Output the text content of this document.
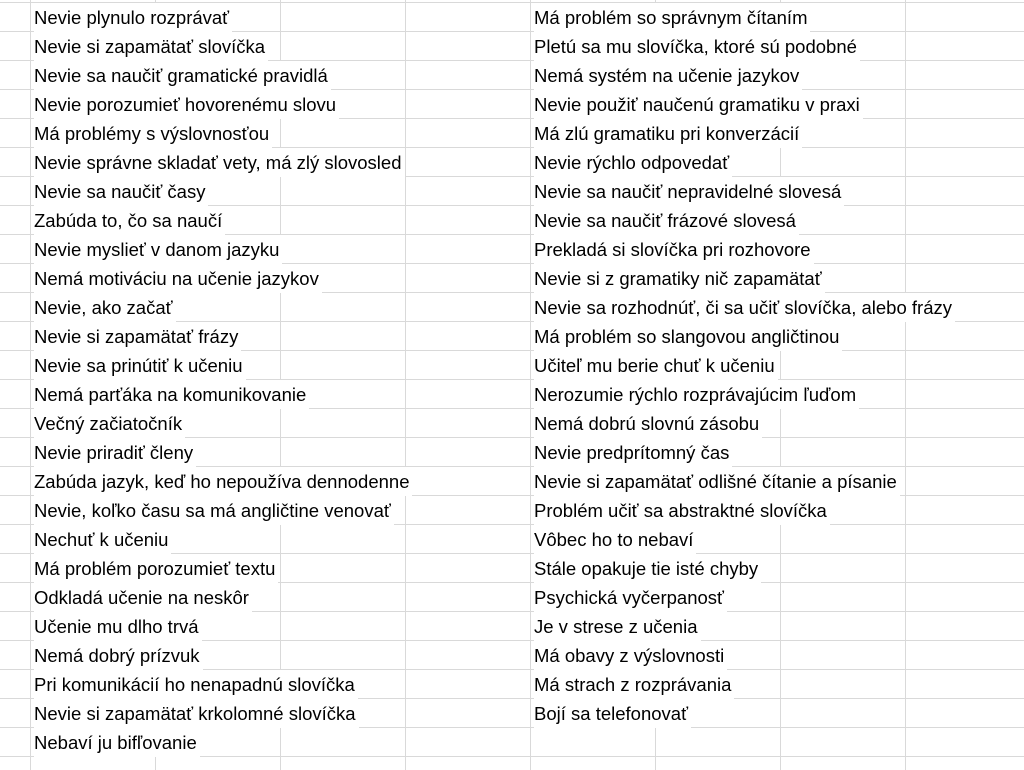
Nevie plynulo rozprávať
Nevie si zapamätať slovíčka
Nevie sa naučiť gramatické pravidlá
Nevie porozumieť hovorenému slovu
Má problémy s výslovnosťou
Nevie správne skladať vety, má zlý slovosled
Nevie sa naučiť časy
Zabúda to, čo sa naučí
Nevie myslieť v danom jazyku
Nemá motiváciu na učenie jazykov
Nevie, ako začať
Nevie si zapamätať frázy
Nevie sa prinútiť k učeniu
Nemá parťáka na komunikovanie
Večný začiatočník
Nevie priradiť členy
Zabúda jazyk, keď ho nepoužíva dennodenne
Nevie, koľko času sa má angličtine venovať
Nechuť k učeniu
Má problém porozumieť textu
Odkladá učenie na neskôr
Učenie mu dlho trvá
Nemá dobrý prízvuk
Pri komunikácií ho nenapadnú slovíčka
Nevie si zapamätať krkolomné slovíčka
Nebaví ju bifľovanie
Má problém so správnym čítaním
Pletú sa mu slovíčka, ktoré sú podobné
Nemá systém na učenie jazykov
Nevie použiť naučenú gramatiku v praxi
Má zlú gramatiku pri konverzácií
Nevie rýchlo odpovedať
Nevie sa naučiť nepravidelné slovesá
Nevie sa naučiť frázové slovesá
Prekladá si slovíčka pri rozhovore
Nevie si z gramatiky nič zapamätať
Nevie sa rozhodnúť, či sa učiť slovíčka, alebo frázy
Má problém so slangovou angličtinou
Učiteľ mu berie chuť k učeniu
Nerozumie rýchlo rozprávajúcim ľuďom
Nemá dobrú slovnú zásobu
Nevie predprítomný čas
Nevie si zapamätať odlišné čítanie a písanie
Problém učiť sa abstraktné slovíčka
Vôbec ho to nebaví
Stále opakuje tie isté chyby
Psychická vyčerpanosť
Je v strese z učenia
Má obavy z výslovnosti
Má strach z rozprávania
Bojí sa telefonovať
